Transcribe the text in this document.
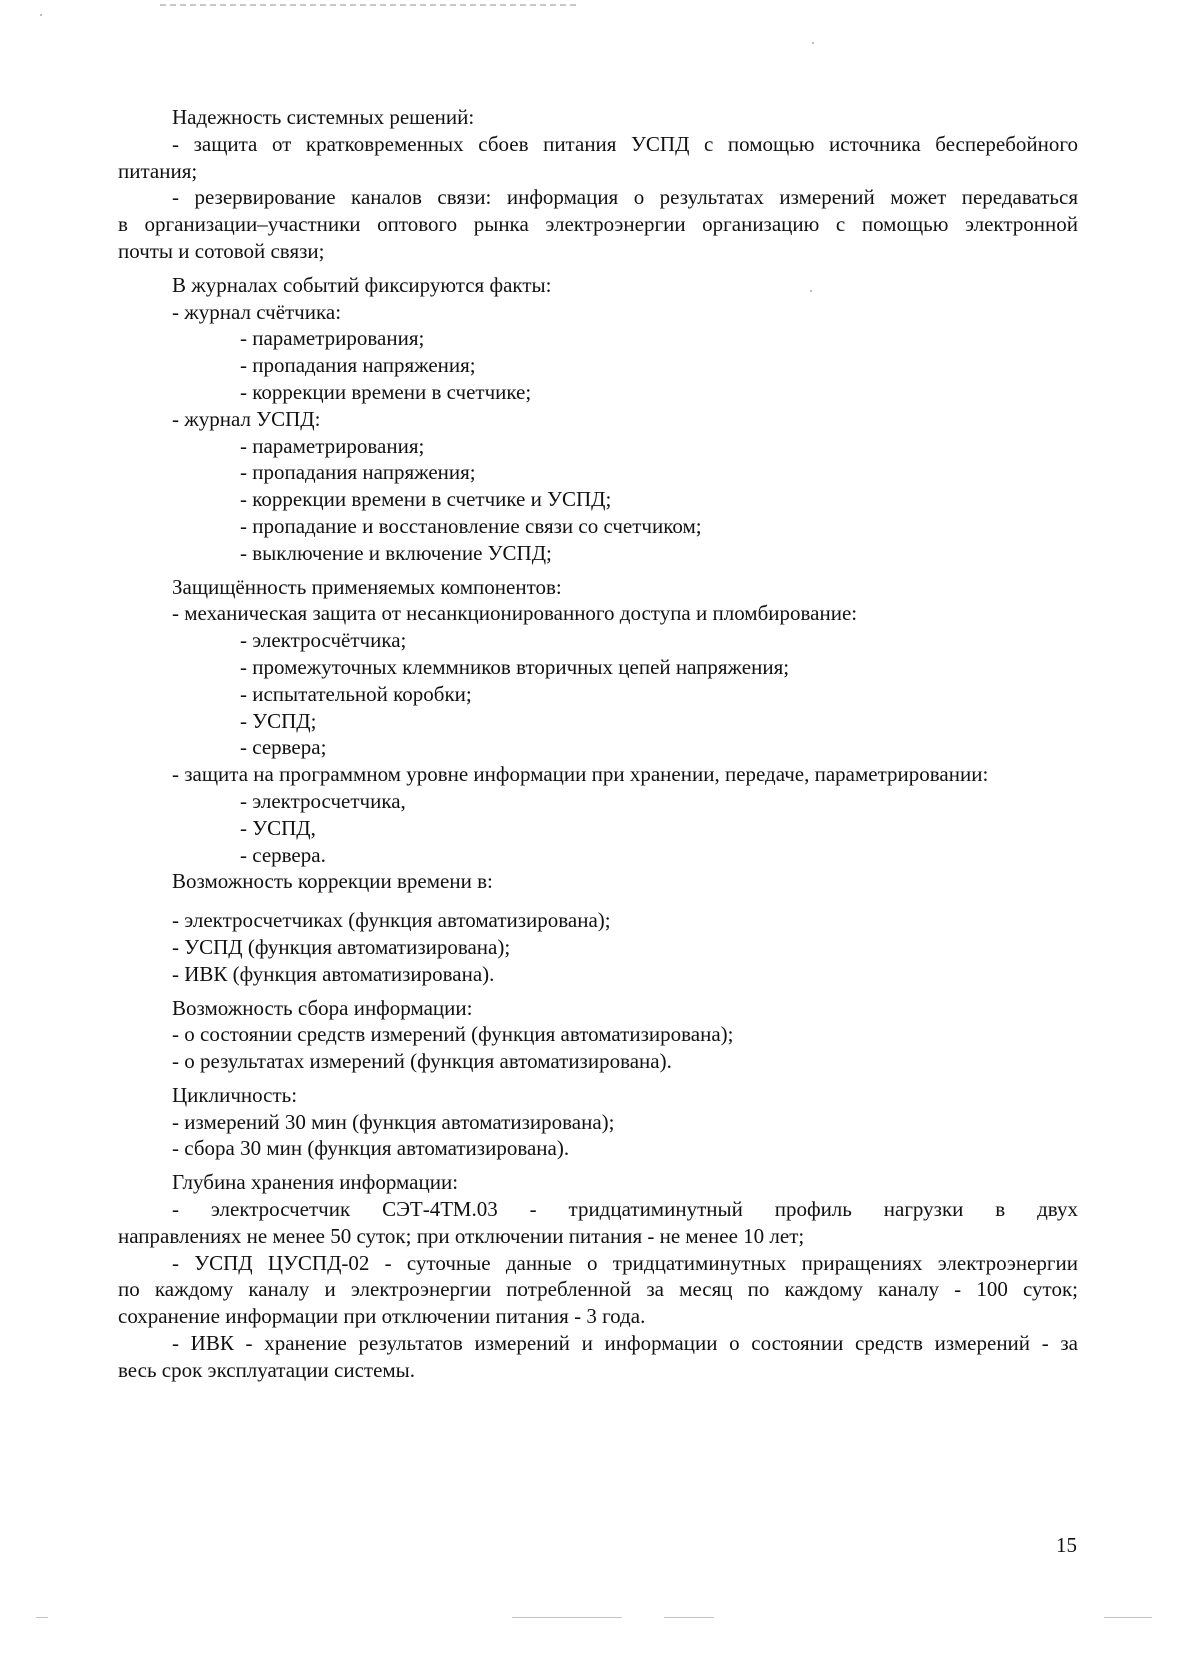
Надежность системных решений:

- защита от кратковременных сбоев питания УСПД с помощью источника бесперебойного

питания;

- резервирование каналов связи: информация о результатах измерений может передаваться

в организации–участники оптового рынка электроэнергии организацию с помощью электронной

почты и сотовой связи;

В журналах событий фиксируются факты:

- журнал счётчика:

- параметрирования;

- пропадания напряжения;

- коррекции времени в счетчике;

- журнал УСПД:

- параметрирования;

- пропадания напряжения;

- коррекции времени в счетчике и УСПД;

- пропадание и восстановление связи со счетчиком;

- выключение и включение УСПД;

Защищённость применяемых компонентов:

- механическая защита от несанкционированного доступа и пломбирование:

- электросчётчика;

- промежуточных клеммников вторичных цепей напряжения;

- испытательной коробки;

- УСПД;

- сервера;

- защита на программном уровне информации при хранении, передаче, параметрировании:

- электросчетчика,

- УСПД,

- сервера.

Возможность коррекции времени в:

- электросчетчиках (функция автоматизирована);

- УСПД (функция автоматизирована);

- ИВК (функция автоматизирована).

Возможность сбора информации:

- о состоянии средств измерений (функция автоматизирована);

- о результатах измерений (функция автоматизирована).

Цикличность:

- измерений 30 мин (функция автоматизирована);

- сбора 30 мин (функция автоматизирована).

Глубина хранения информации:

- электросчетчик СЭТ-4ТМ.03 - тридцатиминутный профиль нагрузки в двух

направлениях не менее 50 суток; при отключении питания - не менее 10 лет;

- УСПД ЦУСПД-02 - суточные данные о тридцатиминутных приращениях электроэнергии

по каждому каналу и электроэнергии потребленной за месяц по каждому каналу - 100 суток;

сохранение информации при отключении питания - 3 года.

- ИВК - хранение результатов измерений и информации о состоянии средств измерений - за

весь срок эксплуатации системы.

15
